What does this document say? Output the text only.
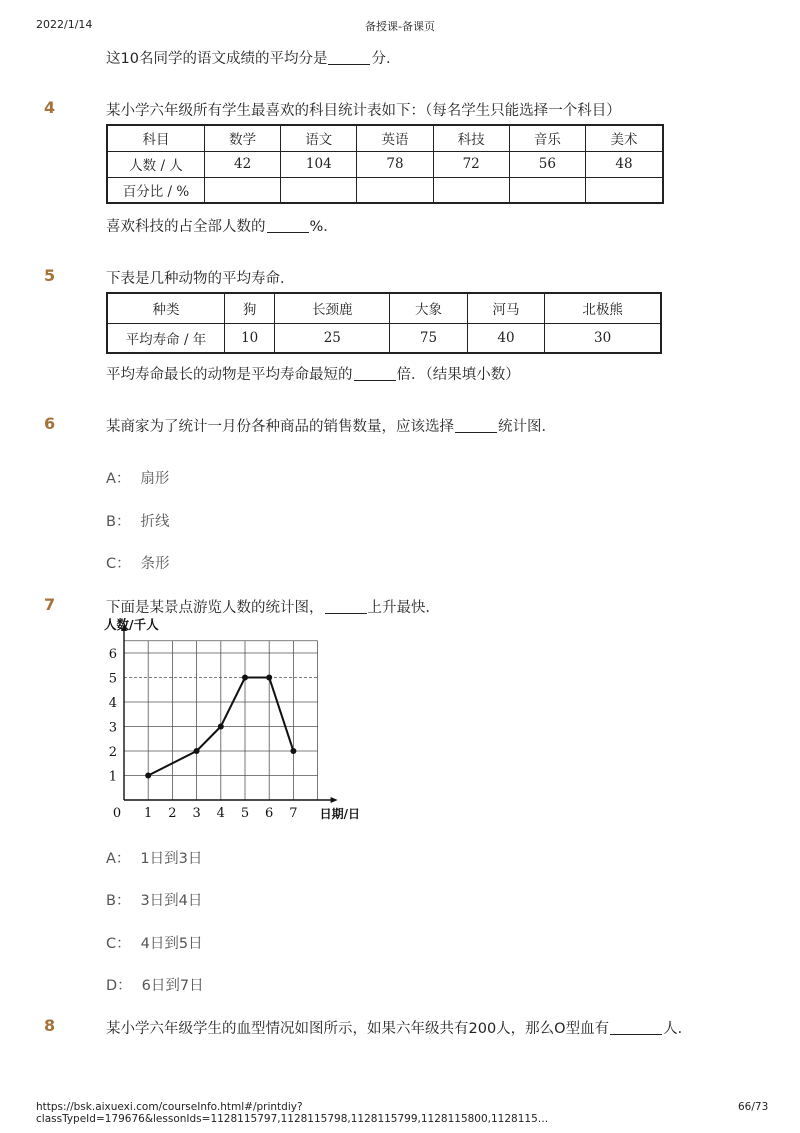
2022/1/14	备授课-备课页
这10名同学的语文成绩的平均分是	分．
4	某小学六年级所有学生最喜欢的科目统计表如下：（每名学生只能选择一个科目）
科目	数学	语文	英语	科技	音乐	美术
人数 / 人	42	104	78	72	56	48
百分比 / %						
喜欢科技的占全部人数的	%．
5	下表是几种动物的平均寿命．
种类	狗	长颈鹿	大象	河马	北极熊
平均寿命 / 年	10	25	75	40	30
平均寿命最长的动物是平均寿命最短的	倍．（结果填小数）
6	某商家为了统计一月份各种商品的销售数量，应该选择	统计图．
A： 扇形
B： 折线
C： 条形
7	下面是某景点游览人数的统计图，	上升最快．
1 2 3 4 5 6 7
1
2
3
4
5
6
0
人数/千人
日期/日
A： 1日到3日
B： 3日到4日
C： 4日到5日
D： 6日到7日
8	某小学六年级学生的血型情况如图所示，如果六年级共有200人，那么O型血有	人．
https://bsk.aixuexi.com/courseInfo.html#/printdiy?classTypeId=179676&lessonIds=1128115797,1128115798,1128115799,1128115800,1128115…
66/73
